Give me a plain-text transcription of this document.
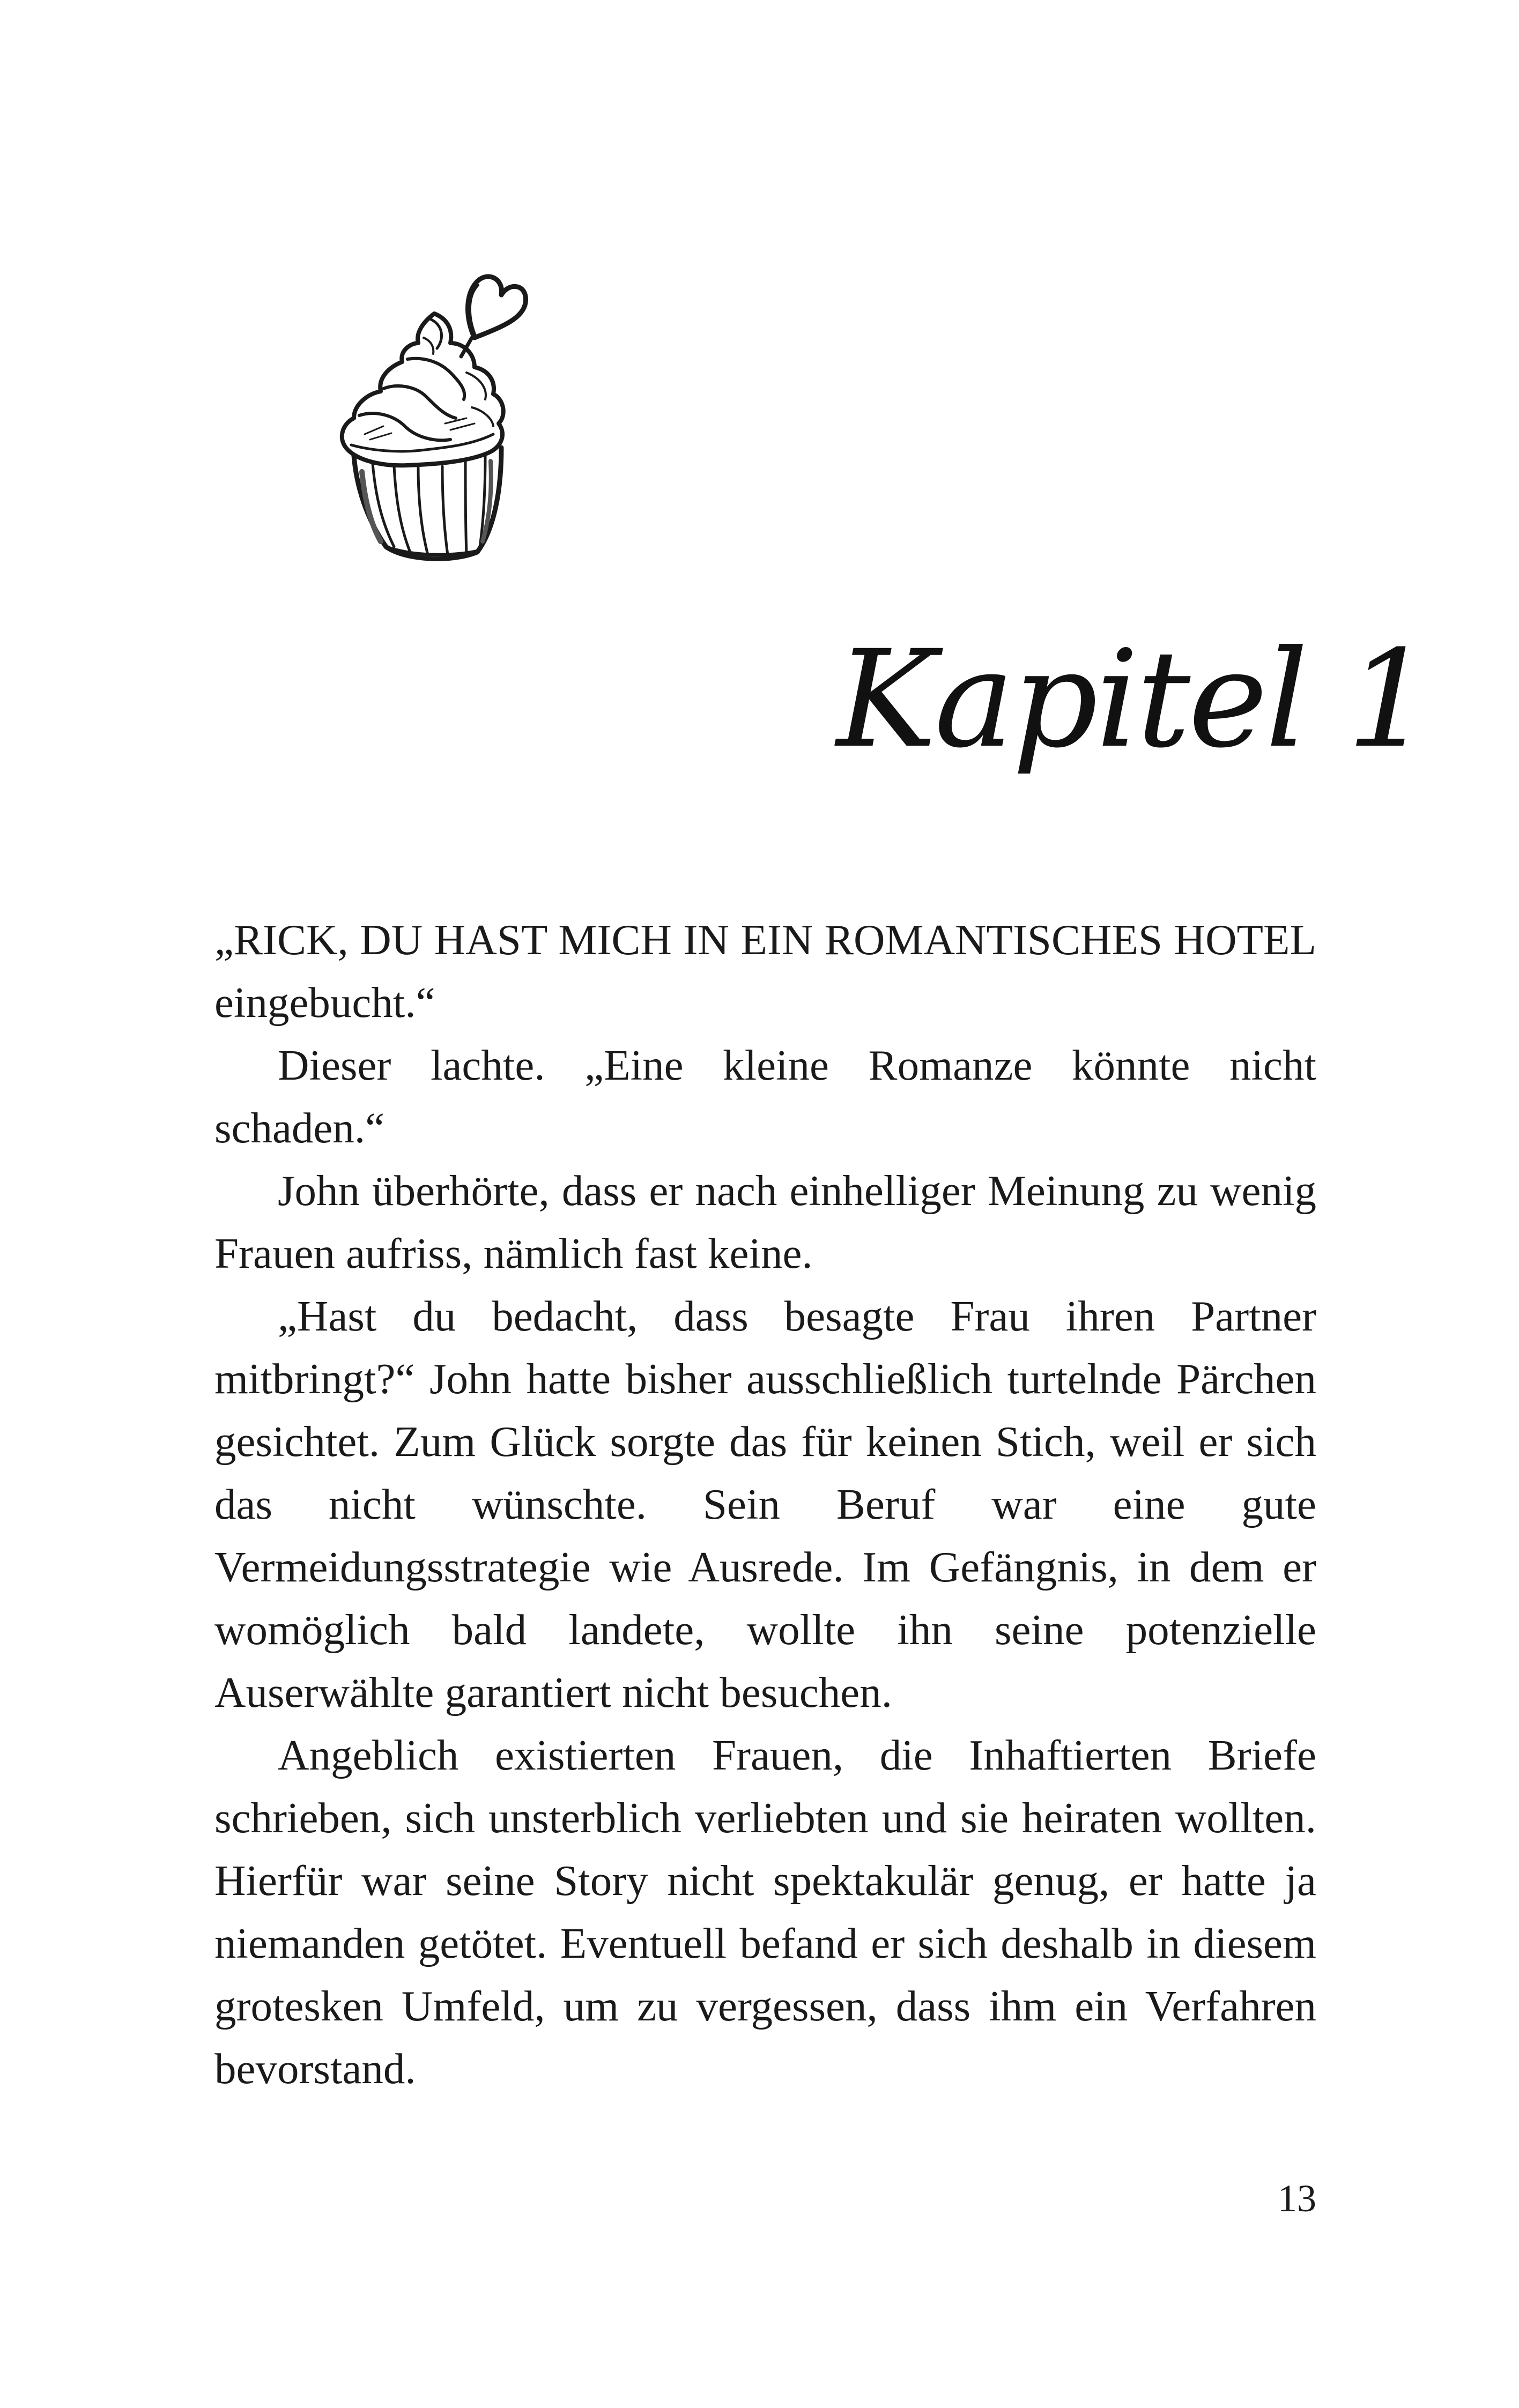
Kapitel 1

„RICK, DU HAST MICH IN EIN ROMANTISCHES HOTEL eingebucht.“

Dieser lachte. „Eine kleine Romanze könnte nicht schaden.“

John überhörte, dass er nach einhelliger Meinung zu wenig Frauen aufriss, nämlich fast keine.

„Hast du bedacht, dass besagte Frau ihren Partner mitbringt?“ John hatte bisher ausschließlich turtelnde Pärchen gesichtet. Zum Glück sorgte das für keinen Stich, weil er sich das nicht wünschte. Sein Beruf war eine gute Vermeidungsstrategie wie Ausrede. Im Gefängnis, in dem er womöglich bald landete, wollte ihn seine potenzielle Auserwählte garantiert nicht besuchen.

Angeblich existierten Frauen, die Inhaftierten Briefe schrieben, sich unsterblich verliebten und sie heiraten wollten. Hierfür war seine Story nicht spektakulär genug, er hatte ja niemanden getötet. Eventuell befand er sich deshalb in diesem grotesken Umfeld, um zu vergessen, dass ihm ein Verfahren bevorstand.

13
